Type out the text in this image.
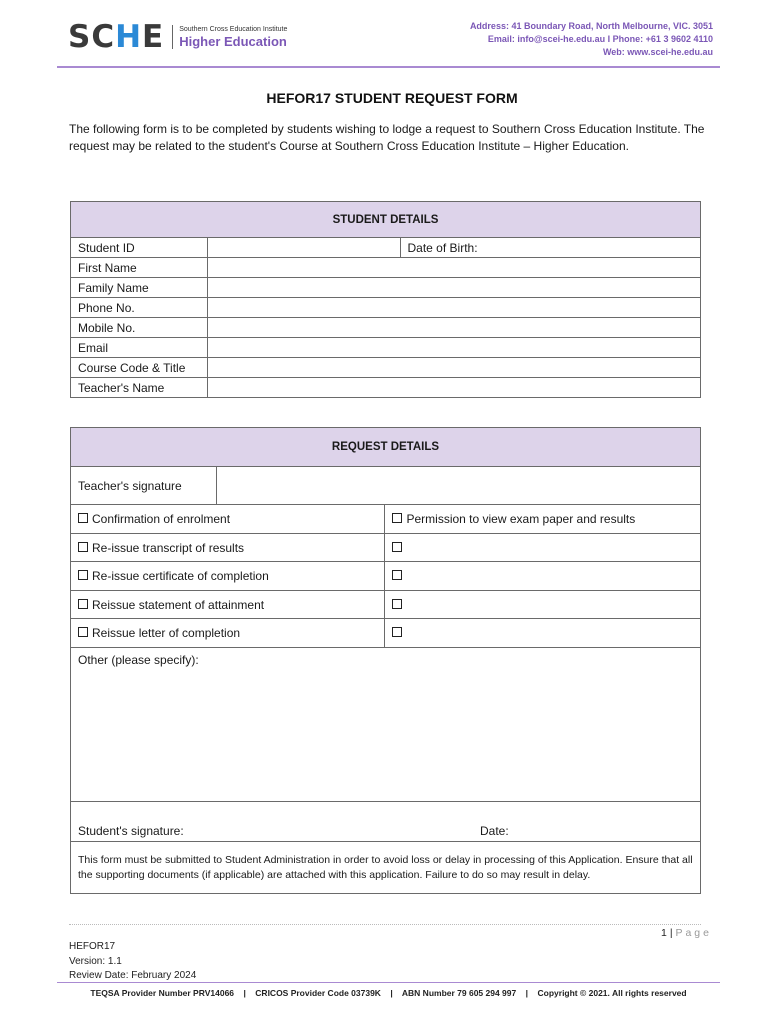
SCHE Southern Cross Education Institute
Higher Education
Address: 41 Boundary Road, North Melbourne, VIC. 3051
Email: info@scei-he.edu.au I Phone: +61 3 9602 4110
Web: www.scei-he.edu.au
HEFOR17 STUDENT REQUEST FORM
The following form is to be completed by students wishing to lodge a request to Southern Cross Education Institute. The request may be related to the student's Course at Southern Cross Education Institute – Higher Education.
STUDENT DETAILS		
Student ID		Date of Birth:
First Name		
Family Name		
Phone No.		
Mobile No.		
Email		
Course Code & Title		
Teacher's Name		
REQUEST DETAILS		
Teacher's signature		
Confirmation of enrolment		Permission to view exam paper and results
Re-issue transcript of results		
Re-issue certificate of completion		
Reissue statement of attainment		
Reissue letter of completion		
Other (please specify):		

Student's signature: Date:		

This form must be submitted to Student Administration in order to avoid loss or delay in processing of this Application. Ensure that all the supporting documents (if applicable) are attached with this application. Failure to do so may result in delay.		
1 | Page
HEFOR17
Version: 1.1
Review Date: February 2024
TEQSA Provider Number PRV14066    |    CRICOS Provider Code 03739K    |    ABN Number 79 605 294 997    |    Copyright © 2021. All rights reserved
